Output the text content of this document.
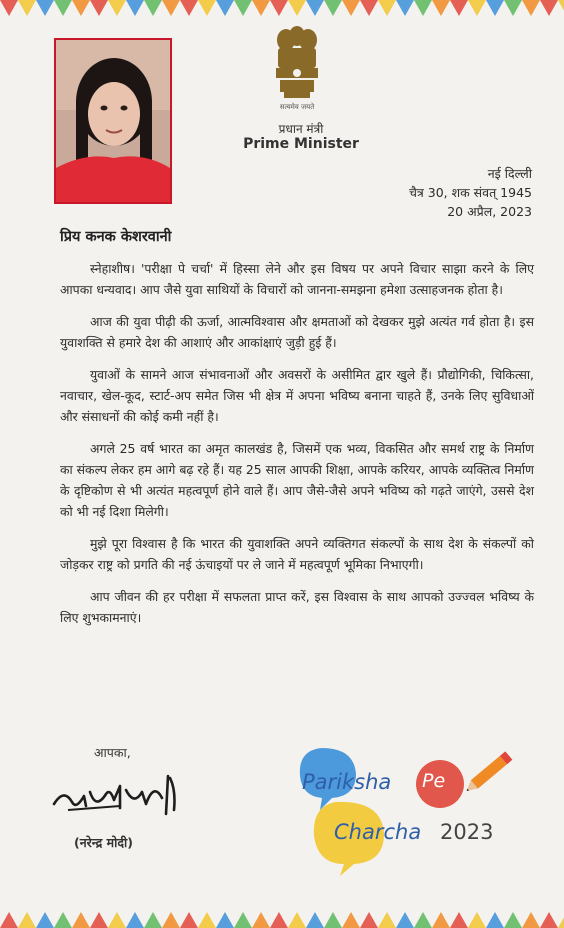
सत्यमेव जयते
प्रधान मंत्री
Prime Minister
नई दिल्ली
चैत्र 30, शक संवत् 1945
20 अप्रैल, 2023
प्रिय कनक केशरवानी

स्नेहाशीष। 'परीक्षा पे चर्चा' में हिस्सा लेने और इस विषय पर अपने विचार साझा करने के लिए आपका धन्यवाद। आप जैसे युवा साथियों के विचारों को जानना-समझना हमेशा उत्साहजनक होता है।

आज की युवा पीढ़ी की ऊर्जा, आत्मविश्वास और क्षमताओं को देखकर मुझे अत्यंत गर्व होता है। इस युवाशक्ति से हमारे देश की आशाएं और आकांक्षाएं जुड़ी हुई हैं।

युवाओं के सामने आज संभावनाओं और अवसरों के असीमित द्वार खुले हैं। प्रौद्योगिकी, चिकित्सा, नवाचार, खेल-कूद, स्टार्ट-अप समेत जिस भी क्षेत्र में अपना भविष्य बनाना चाहते हैं, उनके लिए सुविधाओं और संसाधनों की कोई कमी नहीं है।

अगले 25 वर्ष भारत का अमृत कालखंड है, जिसमें एक भव्य, विकसित और समर्थ राष्ट्र के निर्माण का संकल्प लेकर हम आगे बढ़ रहे हैं। यह 25 साल आपकी शिक्षा, आपके करियर, आपके व्यक्तित्व निर्माण के दृष्टिकोण से भी अत्यंत महत्वपूर्ण होने वाले हैं। आप जैसे-जैसे अपने भविष्य को गढ़ते जाएंगे, उससे देश को भी नई दिशा मिलेगी।

मुझे पूरा विश्वास है कि भारत की युवाशक्ति अपने व्यक्तिगत संकल्पों के साथ देश के संकल्पों को जोड़कर राष्ट्र को प्रगति की नई ऊंचाइयों पर ले जाने में महत्वपूर्ण भूमिका निभाएगी।

आप जीवन की हर परीक्षा में सफलता प्राप्त करें, इस विश्वास के साथ आपको उज्ज्वल भविष्य के लिए शुभकामनाएं।

आपका,
(नरेन्द्र मोदी)
Pariksha Pe
Charcha 2023
